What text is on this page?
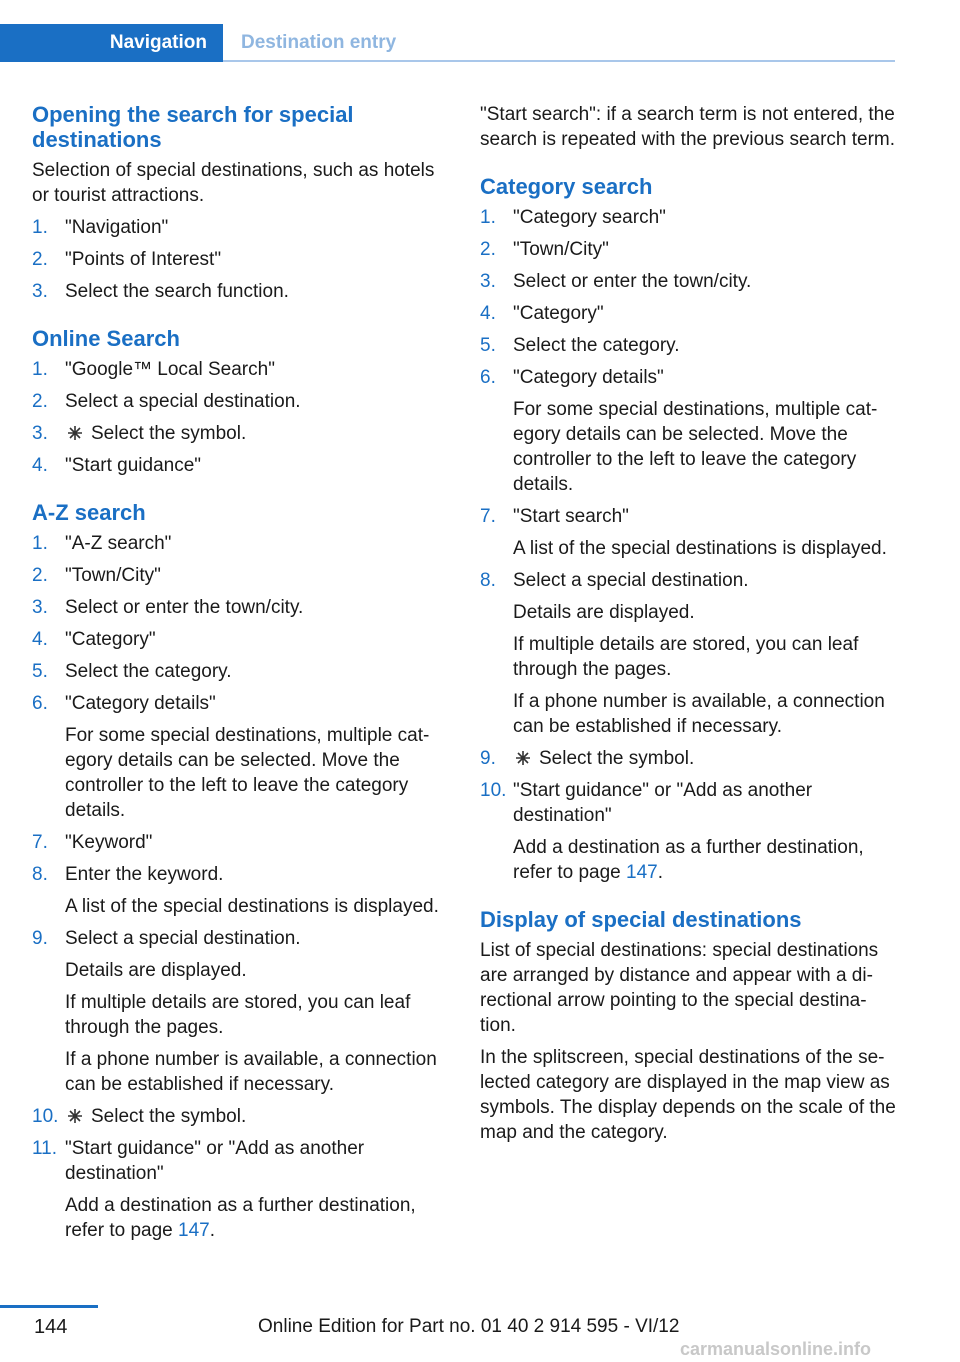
Navigation	Destination entry
Opening the search for special destinations

Selection of special destinations, such as hotels or tourist attractions.

1. "Navigation"
2. "Points of Interest"
3. Select the search function.
Online Search
1. "Google™ Local Search"
2. Select a special destination.
3. Select the symbol.
4. "Start guidance"
A-Z search
1. "A-Z search"
2. "Town/City"
3. Select or enter the town/city.
4. "Category"
5. Select the category.
6. "Category details"
For some special destinations, multiple cat‐egory details can be selected. Move the controller to the left to leave the category details.
7. "Keyword"
8. Enter the keyword.
A list of the special destinations is displayed.
9. Select a special destination.
Details are displayed.
If multiple details are stored, you can leaf through the pages.
If a phone number is available, a connection can be established if necessary.
10. Select the symbol.
11. "Start guidance" or "Add as another destination"
Add a destination as a further destination, refer to page 147.

"Start search": if a search term is not entered, the search is repeated with the previous search term.

Category search
1. "Category search"
2. "Town/City"
3. Select or enter the town/city.
4. "Category"
5. Select the category.
6. "Category details"
For some special destinations, multiple cat‐egory details can be selected. Move the controller to the left to leave the category details.
7. "Start search"
A list of the special destinations is displayed.
8. Select a special destination.
Details are displayed.
If multiple details are stored, you can leaf through the pages.
If a phone number is available, a connection can be established if necessary.
9. Select the symbol.
10. "Start guidance" or "Add as another destination"
Add a destination as a further destination, refer to page 147.
Display of special destinations

List of special destinations: special destinations are arranged by distance and appear with a di‐rectional arrow pointing to the special destina‐tion.

In the splitscreen, special destinations of the se‐lected category are displayed in the map view as symbols. The display depends on the scale of the map and the category.

144	Online Edition for Part no. 01 40 2 914 595 - VI/12
carmanualsonline.info
